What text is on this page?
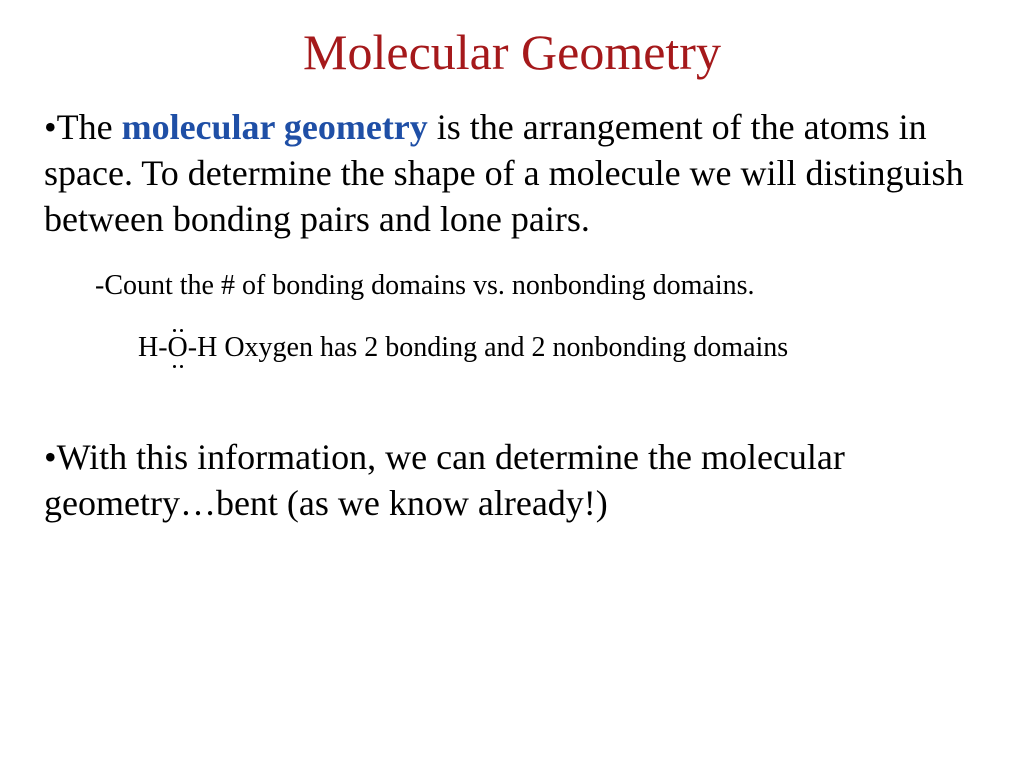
Molecular Geometry
•The molecular geometry is the arrangement of the atoms in space. To determine the shape of a molecule we will distinguish between bonding pairs and lone pairs.
-Count the # of bonding domains vs. nonbonding domains.
H-
O
-H Oxygen has 2 bonding and 2 nonbonding domains
•With this information, we can determine the molecular geometry…bent (as we know already!)
